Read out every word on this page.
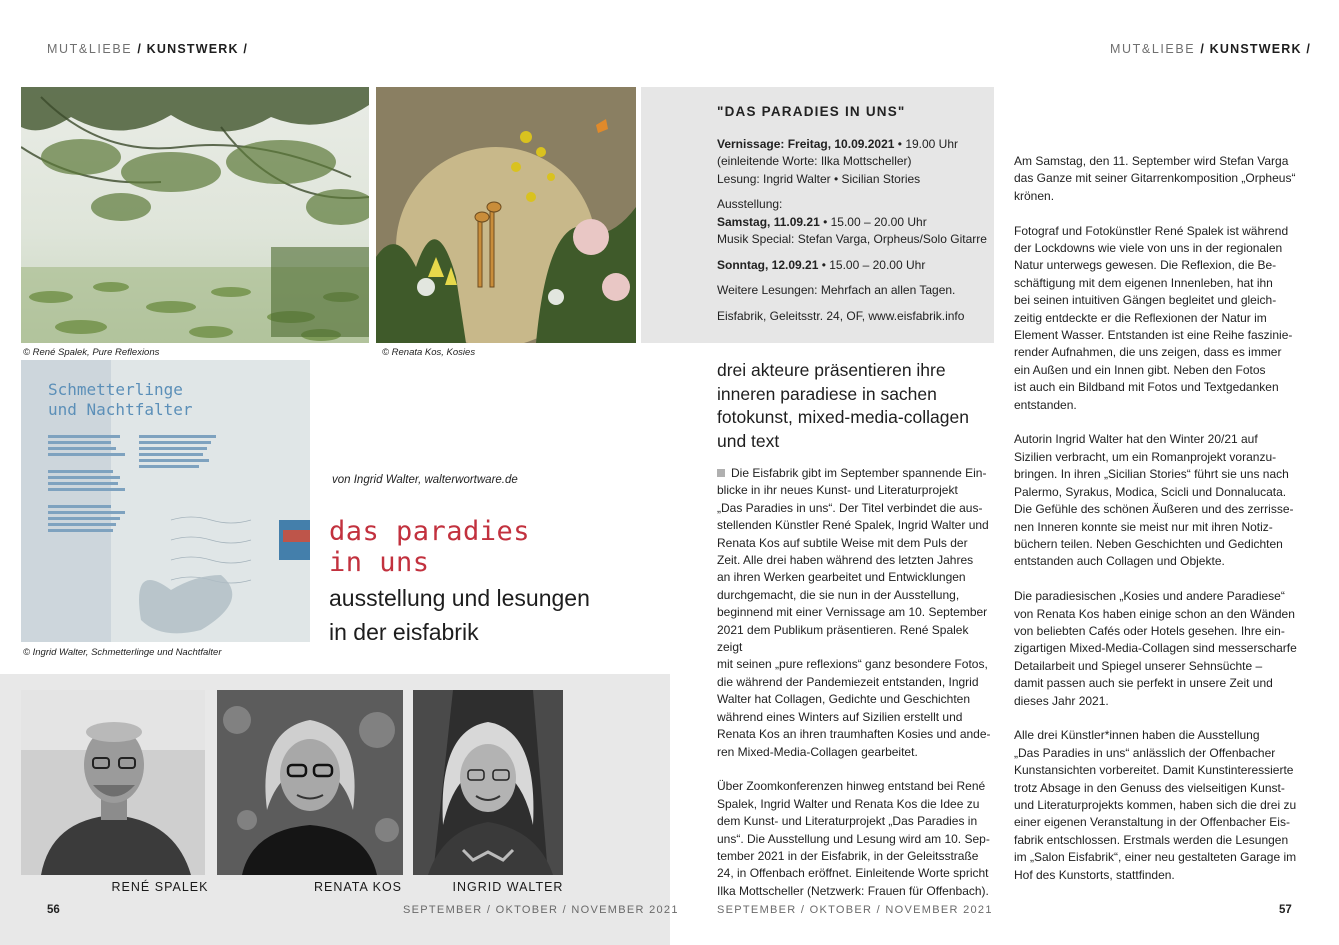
MUT&LIEBE / KUNSTWERK /
© René Spalek, Pure Reflexions	© Renata Kos, Kosies
Schmetterlinge
und Nachtfalter
© Ingrid Walter, Schmetterlinge und Nachtfalter
von Ingrid Walter, walterwortware.de
das paradies
in uns
ausstellung und lesungen
in der eisfabrik
RENÉ SPALEK	RENATA KOS	INGRID WALTER
56	SEPTEMBER / OKTOBER / NOVEMBER 2021
MUT&LIEBE / KUNSTWERK /

"DAS PARADIES IN UNS"

Vernissage: Freitag, 10.09.2021 • 19.00 Uhr

(einleitende Worte: Ilka Mottscheller)

Lesung: Ingrid Walter • Sicilian Stories

Ausstellung:

Samstag, 11.09.21 • 15.00 – 20.00 Uhr

Musik Special: Stefan Varga, Orpheus/Solo Gitarre

Sonntag, 12.09.21 • 15.00 – 20.00 Uhr

Weitere Lesungen: Mehrfach an allen Tagen.

Eisfabrik, Geleitsstr. 24, OF, www.eisfabrik.info

drei akteure präsentieren ihre
inneren paradiese in sachen
fotokunst, mixed-media-collagen
und text

Die Eisfabrik gibt im September spannende Ein-
blicke in ihr neues Kunst- und Literaturprojekt
„Das Paradies in uns“. Der Titel verbindet die aus-
stellenden Künstler René Spalek, Ingrid Walter und
Renata Kos auf subtile Weise mit dem Puls der
Zeit. Alle drei haben während des letzten Jahres
an ihren Werken gearbeitet und Entwicklungen
durchgemacht, die sie nun in der Ausstellung,
beginnend mit einer Vernissage am 10. September
2021 dem Publikum präsentieren. René Spalek zeigt
mit seinen „pure reflexions“ ganz besondere Fotos,
die während der Pandemiezeit entstanden, Ingrid
Walter hat Collagen, Gedichte und Geschichten
während eines Winters auf Sizilien erstellt und
Renata Kos an ihren traumhaften Kosies und ande-
ren Mixed-Media-Collagen gearbeitet.

Über Zoomkonferenzen hinweg entstand bei René
Spalek, Ingrid Walter und Renata Kos die Idee zu
dem Kunst- und Literaturprojekt „Das Paradies in
uns“. Die Ausstellung und Lesung wird am 10. Sep-
tember 2021 in der Eisfabrik, in der Geleitsstraße
24, in Offenbach eröffnet. Einleitende Worte spricht
Ilka Mottscheller (Netzwerk: Frauen für Offenbach).

Am Samstag, den 11. September wird Stefan Varga
das Ganze mit seiner Gitarrenkomposition „Orpheus“
krönen.

Fotograf und Fotokünstler René Spalek ist während
der Lockdowns wie viele von uns in der regionalen
Natur unterwegs gewesen. Die Reflexion, die Be-
schäftigung mit dem eigenen Innenleben, hat ihn
bei seinen intuitiven Gängen begleitet und gleich-
zeitig entdeckte er die Reflexionen der Natur im
Element Wasser. Entstanden ist eine Reihe faszinie-
render Aufnahmen, die uns zeigen, dass es immer
ein Außen und ein Innen gibt. Neben den Fotos
ist auch ein Bildband mit Fotos und Textgedanken
entstanden.

Autorin Ingrid Walter hat den Winter 20/21 auf
Sizilien verbracht, um ein Romanprojekt voranzu-
bringen. In ihren „Sicilian Stories“ führt sie uns nach
Palermo, Syrakus, Modica, Scicli und Donnalucata.
Die Gefühle des schönen Äußeren und des zerrisse-
nen Inneren konnte sie meist nur mit ihren Notiz-
büchern teilen. Neben Geschichten und Gedichten
entstanden auch Collagen und Objekte.

Die paradiesischen „Kosies und andere Paradiese“
von Renata Kos haben einige schon an den Wänden
von beliebten Cafés oder Hotels gesehen. Ihre ein-
zigartigen Mixed-Media-Collagen sind messerscharfe
Detailarbeit und Spiegel unserer Sehnsüchte –
damit passen auch sie perfekt in unsere Zeit und
dieses Jahr 2021.

Alle drei Künstler*innen haben die Ausstellung
„Das Paradies in uns“ anlässlich der Offenbacher
Kunstansichten vorbereitet. Damit Kunstinteressierte
trotz Absage in den Genuss des vielseitigen Kunst-
und Literaturprojekts kommen, haben sich die drei zu
einer eigenen Veranstaltung in der Offenbacher Eis-
fabrik entschlossen. Erstmals werden die Lesungen
im „Salon Eisfabrik“, einer neu gestalteten Garage im
Hof des Kunstorts, stattfinden.

SEPTEMBER / OKTOBER / NOVEMBER 2021	57
